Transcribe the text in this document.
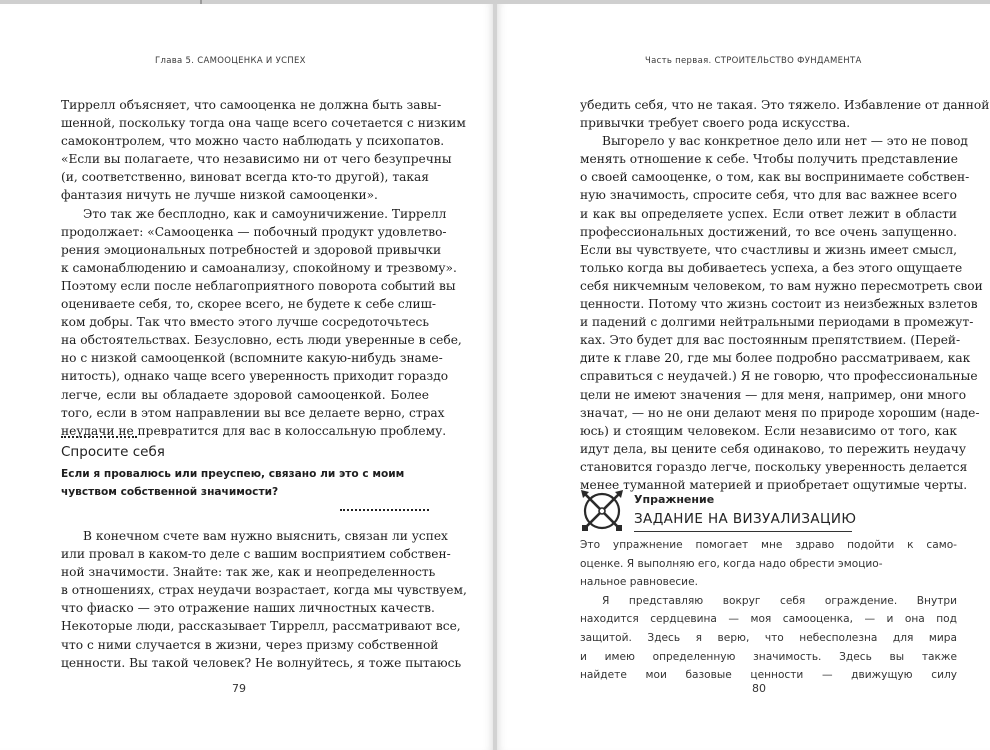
Глава 5. САМООЦЕНКА И УСПЕХ
Тиррелл объясняет, что самооценка не должна быть завы-
шенной, поскольку тогда она чаще всего сочетается с низким
самоконтролем, что можно часто наблюдать у психопатов.
«Если вы полагаете, что независимо ни от чего безупречны
(и, соответственно, виноват всегда кто-то другой), такая
фантазия ничуть не лучше низкой самооценки».
Это так же бесплодно, как и самоуничижение. Тиррелл
продолжает: «Самооценка — побочный продукт удовлетво-
рения эмоциональных потребностей и здоровой привычки
к самонаблюдению и самоанализу, спокойному и трезвому».
Поэтому если после неблагоприятного поворота событий вы
оцениваете себя, то, скорее всего, не будете к себе слиш-
ком добры. Так что вместо этого лучше сосредоточьтесь
на обстоятельствах. Безусловно, есть люди уверенные в себе,
но с низкой самооценкой (вспомните какую-нибудь знаме-
нитость), однако чаще всего уверенность приходит гораздо
легче, если вы обладаете здоровой самооценкой. Более
того, если в этом направлении вы все делаете верно, страх
неудачи не превратится для вас в колоссальную проблему.
Спросите себя
Если я провалюсь или преуспею, связано ли это с моим чувством собственной значимости?
В конечном счете вам нужно выяснить, связан ли успех
или провал в каком-то деле с вашим восприятием собствен-
ной значимости. Знайте: так же, как и неопределенность
в отношениях, страх неудачи возрастает, когда мы чувствуем,
что фиаско — это отражение наших личностных качеств.
Некоторые люди, рассказывает Тиррелл, рассматривают все,
что с ними случается в жизни, через призму собственной
ценности. Вы такой человек? Не волнуйтесь, я тоже пытаюсь
79
Часть первая. СТРОИТЕЛЬСТВО ФУНДАМЕНТА
убедить себя, что не такая. Это тяжело. Избавление от данной
привычки требует своего рода искусства.
Выгорело у вас конкретное дело или нет — это не повод
менять отношение к себе. Чтобы получить представление
о своей самооценке, о том, как вы воспринимаете собствен-
ную значимость, спросите себя, что для вас важнее всего
и как вы определяете успех. Если ответ лежит в области
профессиональных достижений, то все очень запущенно.
Если вы чувствуете, что счастливы и жизнь имеет смысл,
только когда вы добиваетесь успеха, а без этого ощущаете
себя никчемным человеком, то вам нужно пересмотреть свои
ценности. Потому что жизнь состоит из неизбежных взлетов
и падений с долгими нейтральными периодами в промежут-
ках. Это будет для вас постоянным препятствием. (Перей-
дите к главе 20, где мы более подробно рассматриваем, как
справиться с неудачей.) Я не говорю, что профессиональные
цели не имеют значения — для меня, например, они много
значат, — но не они делают меня по природе хорошим (наде-
юсь) и стоящим человеком. Если независимо от того, как
идут дела, вы цените себя одинаково, то пережить неудачу
становится гораздо легче, поскольку уверенность делается
менее туманной материей и приобретает ощутимые черты.
Упражнение
ЗАДАНИЕ НА ВИЗУАЛИЗАЦИЮ
Это упражнение помогает мне здраво подойти к само-
оценке. Я выполняю его, когда надо обрести эмоцио-
нальное равновесие.
Я представляю вокруг себя ограждение. Внутри
находится сердцевина — моя самооценка, — и она под
защитой. Здесь я верю, что небесполезна для мира
и имею определенную значимость. Здесь вы также
найдете мои базовые ценности — движущую силу
80
